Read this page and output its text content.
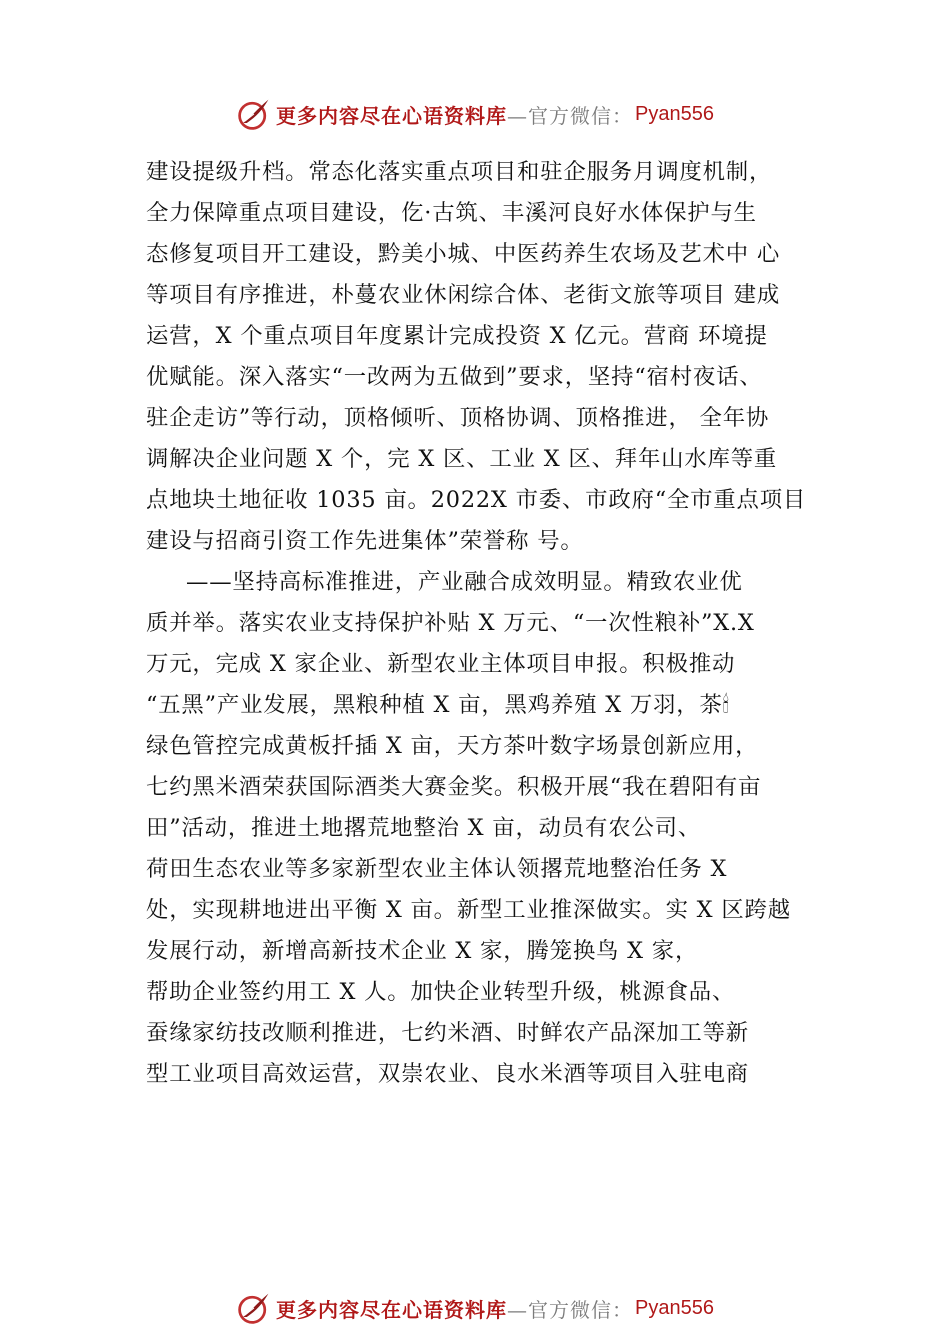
更多内容尽在心语资料库 —官方微信： Pyan556
建设提级升档。常态化落实重点项目和驻企服务月调度机制，
全力保障重点项目建设，仡·古筑、丰溪河良好水体保护与生
态修复项目开工建设，黔美小城、中医药养生农场及艺术中 心
等项目有序推进，朴蔓农业休闲综合体、老街文旅等项目 建成
运营，X 个重点项目年度累计完成投资 X 亿元。营商 环境提
优赋能。深入落实“一改两为五做到”要求，坚持“宿村夜话、
驻企走访”等行动，顶格倾听、顶格协调、顶格推进， 全年协
调解决企业问题 X 个，完 X 区、工业 X 区、拜年山水库等重
点地块土地征收 1035 亩。2022X 市委、市政府“全市重点项目
建设与招商引资工作先进集体”荣誉称 号。
——坚持高标准推进，产业融合成效明显。精致农业优
质并举。落实农业支持保护补贴 X 万元、“一次性粮补”X.X
万元，完成 X 家企业、新型农业主体项目申报。积极推动
“五黑”产业发展，黑粮种植 X 亩，黑鸡养殖 X 万羽，茶🕯
绿色管控完成黄板扦插 X 亩，天方茶叶数字场景创新应用，
七约黑米酒荣获国际酒类大赛金奖。积极开展“我在碧阳有亩
田”活动，推进土地撂荒地整治 X 亩，动员有农公司、
荷田生态农业等多家新型农业主体认领撂荒地整治任务 X
处，实现耕地进出平衡 X 亩。新型工业推深做实。实 X 区跨越
发展行动，新增高新技术企业 X 家，腾笼换鸟 X 家，
帮助企业签约用工 X 人。加快企业转型升级，桃源食品、
蚕缘家纺技改顺利推进，七约米酒、时鲜农产品深加工等新
型工业项目高效运营，双崇农业、良水米酒等项目入驻电商
更多内容尽在心语资料库 —官方微信： Pyan556
